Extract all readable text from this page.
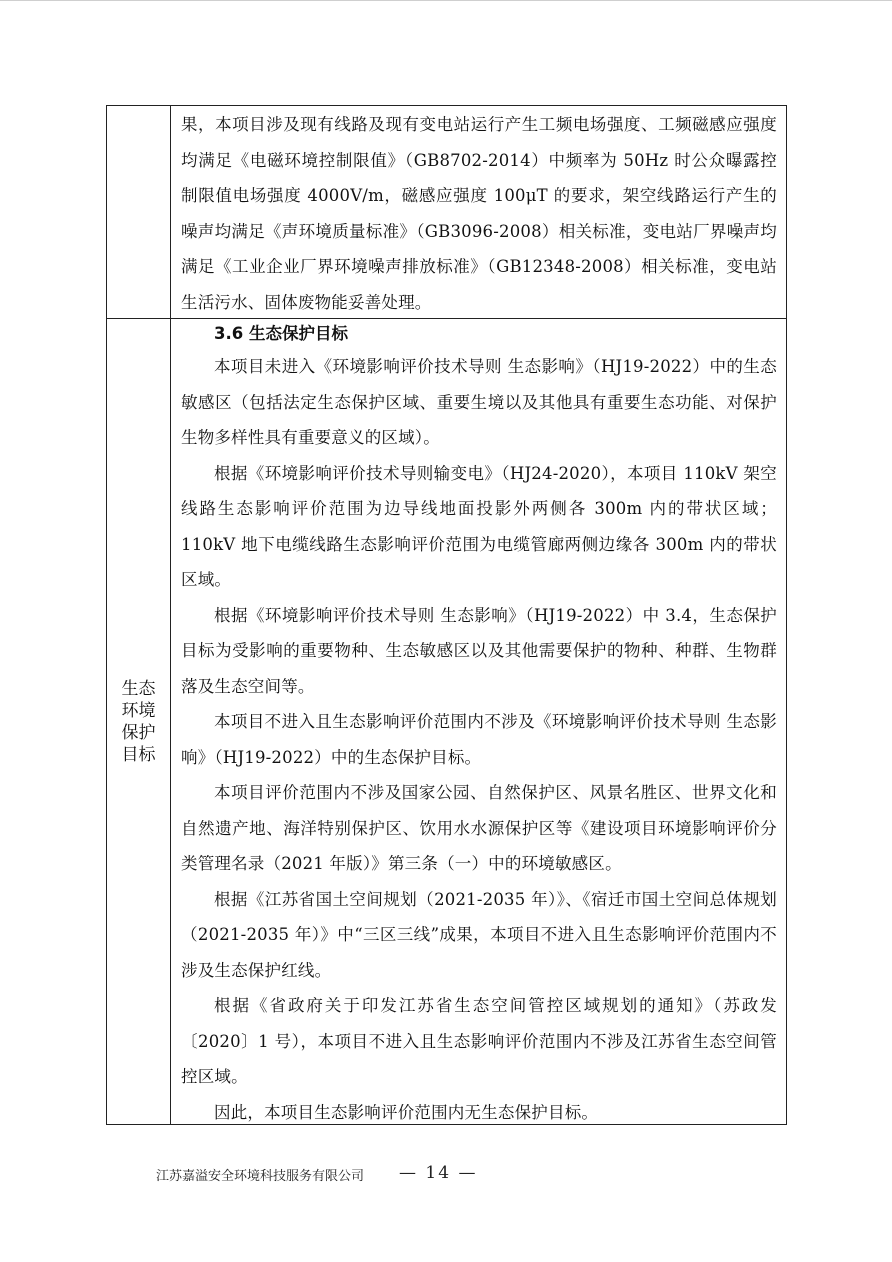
果，本项目涉及现有线路及现有变电站运行产生工频电场强度、工频磁感应强度均满足《电磁环境控制限值》（GB8702-2014）中频率为 50Hz 时公众曝露控制限值电场强度 4000V/m，磁感应强度 100μT 的要求，架空线路运行产生的噪声均满足《声环境质量标准》（GB3096-2008）相关标准，变电站厂界噪声均满足《工业企业厂界环境噪声排放标准》（GB12348-2008）相关标准，变电站生活污水、固体废物能妥善处理。

生态环境保护目标

3.6 生态保护目标

本项目未进入《环境影响评价技术导则 生态影响》（HJ19-2022）中的生态敏感区（包括法定生态保护区域、重要生境以及其他具有重要生态功能、对保护生物多样性具有重要意义的区域）。

根据《环境影响评价技术导则输变电》（HJ24-2020），本项目 110kV 架空线路生态影响评价范围为边导线地面投影外两侧各 300m 内的带状区域；110kV 地下电缆线路生态影响评价范围为电缆管廊两侧边缘各 300m 内的带状区域。

根据《环境影响评价技术导则 生态影响》（HJ19-2022）中 3.4，生态保护目标为受影响的重要物种、生态敏感区以及其他需要保护的物种、种群、生物群落及生态空间等。

本项目不进入且生态影响评价范围内不涉及《环境影响评价技术导则 生态影响》（HJ19-2022）中的生态保护目标。

本项目评价范围内不涉及国家公园、自然保护区、风景名胜区、世界文化和自然遗产地、海洋特别保护区、饮用水水源保护区等《建设项目环境影响评价分类管理名录（2021 年版）》第三条（一）中的环境敏感区。

根据《江苏省国土空间规划（2021-2035 年）》、《宿迁市国土空间总体规划（2021-2035 年）》中“三区三线”成果，本项目不进入且生态影响评价范围内不涉及生态保护红线。

根据《省政府关于印发江苏省生态空间管控区域规划的通知》（苏政发〔2020〕1 号），本项目不进入且生态影响评价范围内不涉及江苏省生态空间管控区域。

因此，本项目生态影响评价范围内无生态保护目标。

江苏嘉溢安全环境科技服务有限公司 — 14 —
